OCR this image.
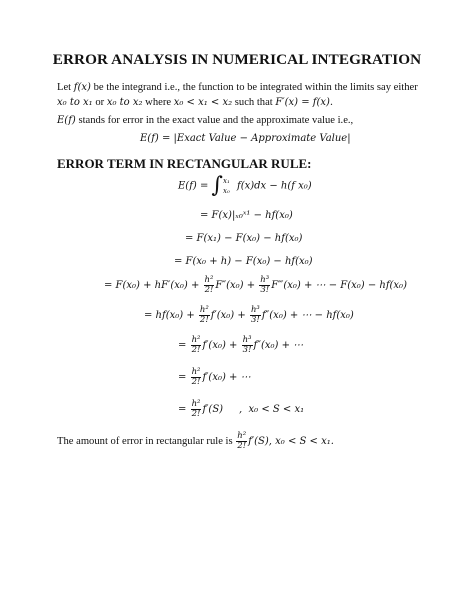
ERROR ANALYSIS IN NUMERICAL INTEGRATION
Let f(x) be the integrand i.e., the function to be integrated within the limits say either x₀ to x₁ or x₀ to x₂ where x₀ < x₁ < x₂ such that F′(x) = f(x).
E(f) stands for error in the exact value and the approximate value i.e.,
E(f) = |Exact Value − Approximate Value|
ERROR TERM IN RECTANGULAR RULE:
E(f) = ∫ x₁
x₀ f(x)dx − h(f x₀)
= F(x)|ₓ₀ˣ¹ − hf(x₀)
= F(x₁) − F(x₀) − hf(x₀)
= F(x₀ + h) − F(x₀) − hf(x₀)
= $F(x_0) + hF'(x_0) + \frac{\text{h²}}{2!} F''(x_0) + \frac{\text{h³}}{3!}$ F‴(x₀) + ⋯ − F(x₀) − hf(x₀)
= $hf(x_0) + \frac{\text{h²}}{2!} f'(x_0) + \frac{\text{h³}}{3!} f''(x_0)$ + ⋯ − hf(x₀)
= $\frac{\text{h²}}{2!} f'(x_0) + \frac{\text{h³}}{3!} f''(x_0)$ + ⋯
= $\frac{\text{h²}}{2!} f'(x_0)$ + ⋯
= $\frac{\text{h²}}{2!} f'(S)$     ,  x₀ < S < x₁
The amount of error in rectangular rule is $\frac{\text{h²}}{2!} f'(S)$, x₀ < S < x₁.
